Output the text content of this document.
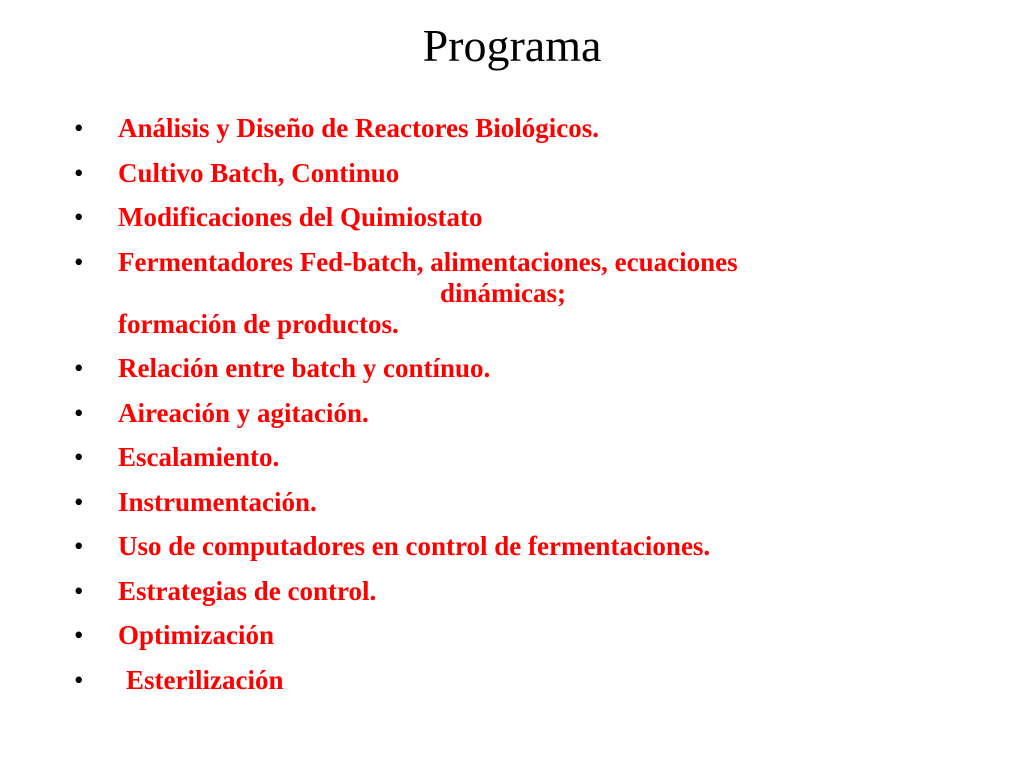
Programa
• Análisis y Diseño de Reactores Biológicos.
• Cultivo Batch, Continuo
• Modificaciones del Quimiostato
• Fermentadores Fed-batch, alimentaciones, ecuaciones
dinámicas;
formación de productos.
• Relación entre batch y contínuo.
• Aireación y agitación.
• Escalamiento.
• Instrumentación.
• Uso de computadores en control de fermentaciones.
• Estrategias de control.
• Optimización
• Esterilización
